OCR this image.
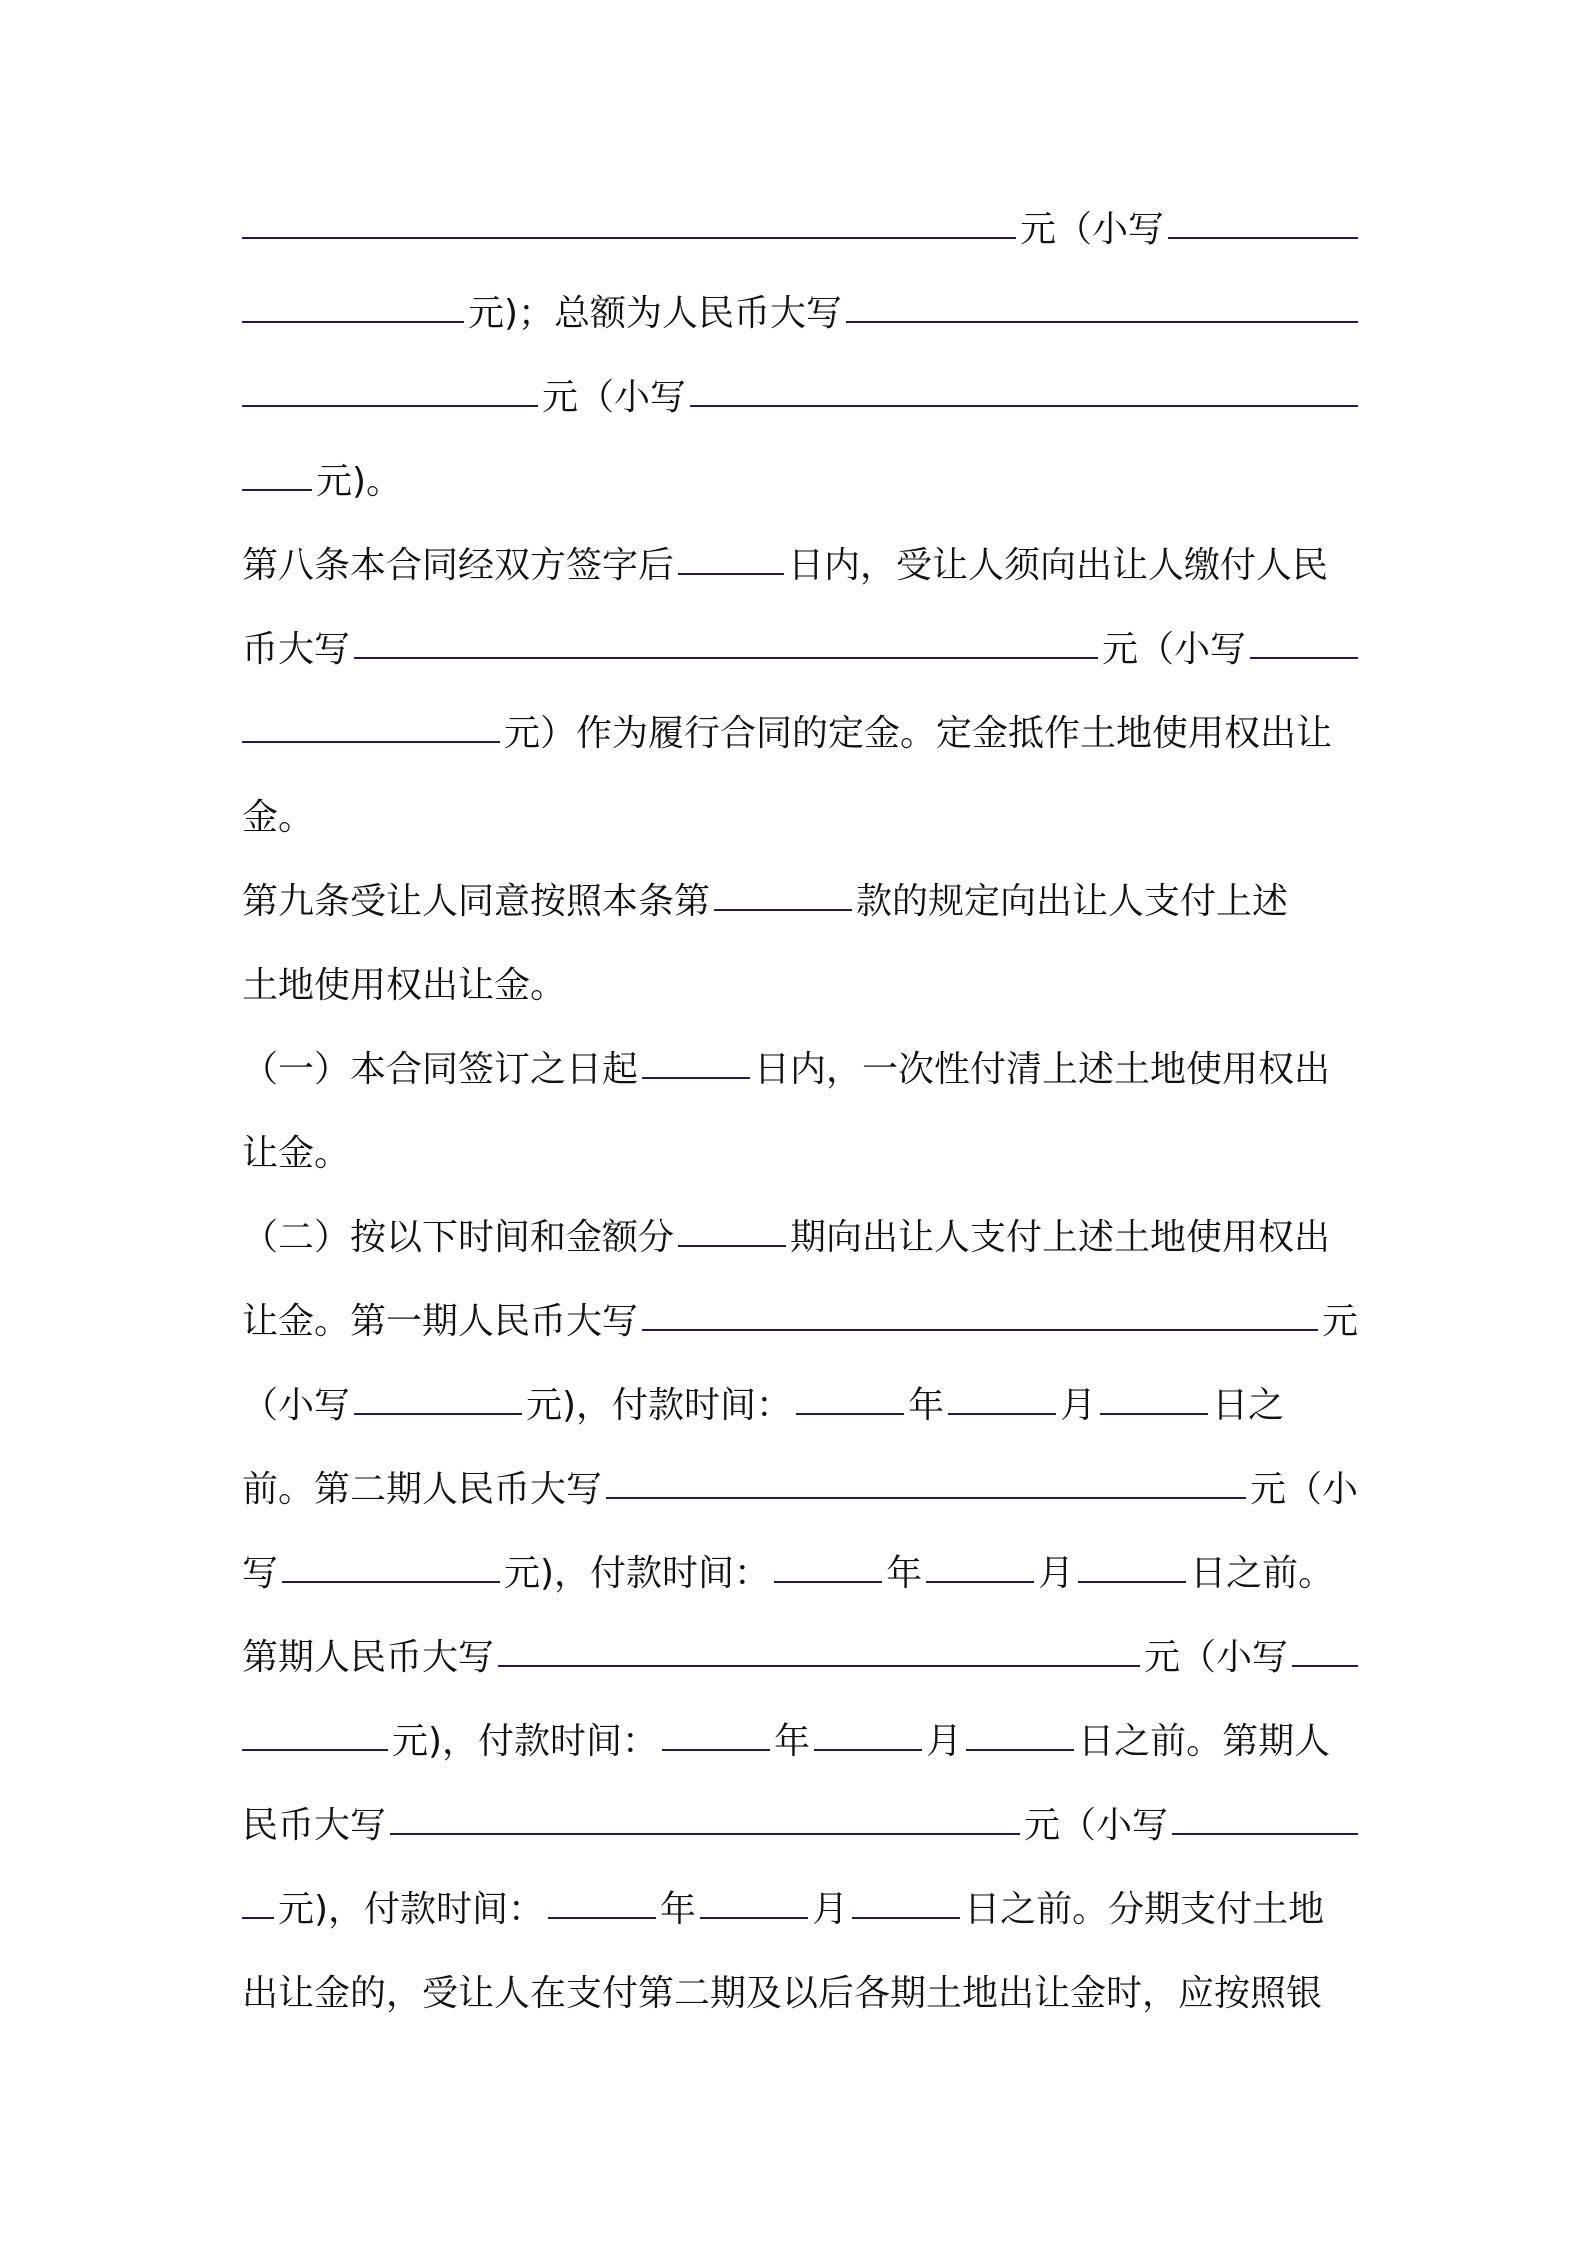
元（小写
元)；总额为人民币大写
元（小写
元)。
第八条本合同经双方签字后	日内，受让人须向出让人缴付人民
币大写	元（小写
元）作为履行合同的定金。定金抵作土地使用权出让
金。
第九条受让人同意按照本条第	款的规定向出让人支付上述
土地使用权出让金。
（一）本合同签订之日起	日内，一次性付清上述土地使用权出
让金。
（二）按以下时间和金额分	期向出让人支付上述土地使用权出
让金。第一期人民币大写	元
（小写	元)，付款时间：	年	月	日之
前。第二期人民币大写	元（小
写	元)，付款时间：	年	月	日之前。
第期人民币大写	元（小写
元)，付款时间：	年	月	日之前。第期人
民币大写	元（小写
元)，付款时间：	年	月	日之前。分期支付土地
出让金的，受让人在支付第二期及以后各期土地出让金时，应按照银
